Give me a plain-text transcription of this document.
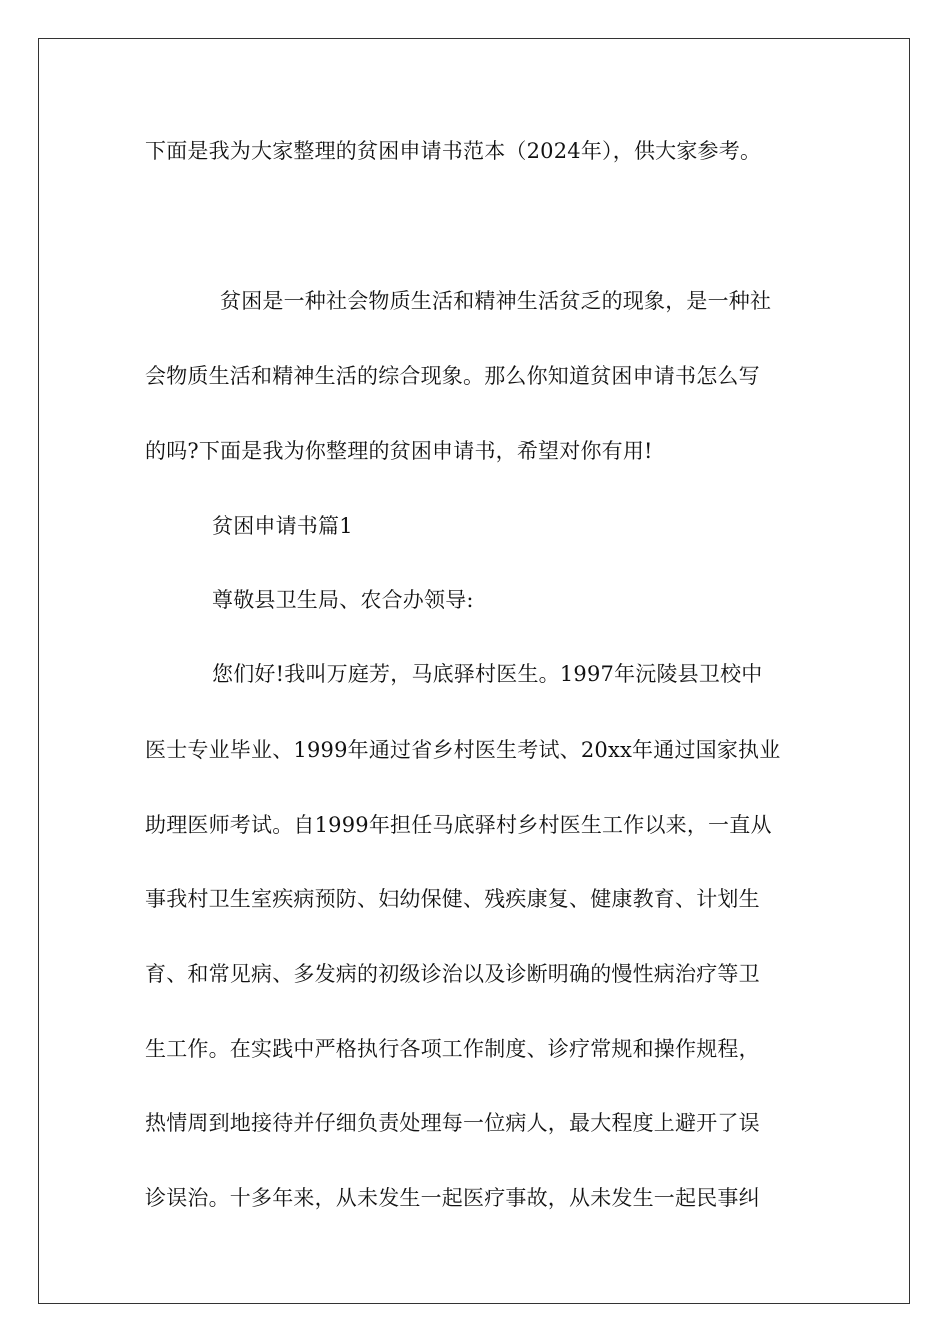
下面是我为大家整理的贫困申请书范本（2024年），供大家参考。
贫困是一种社会物质生活和精神生活贫乏的现象，是一种社
会物质生活和精神生活的综合现象。那么你知道贫困申请书怎么写
的吗?下面是我为你整理的贫困申请书，希望对你有用!
贫困申请书篇1
尊敬县卫生局、农合办领导:
您们好!我叫万庭芳，马底驿村医生。1997年沅陵县卫校中
医士专业毕业、1999年通过省乡村医生考试、20xx年通过国家执业
助理医师考试。自1999年担任马底驿村乡村医生工作以来，一直从
事我村卫生室疾病预防、妇幼保健、残疾康复、健康教育、计划生
育、和常见病、多发病的初级诊治以及诊断明确的慢性病治疗等卫
生工作。在实践中严格执行各项工作制度、诊疗常规和操作规程，
热情周到地接待并仔细负责处理每一位病人，最大程度上避开了误
诊误治。十多年来，从未发生一起医疗事故，从未发生一起民事纠
